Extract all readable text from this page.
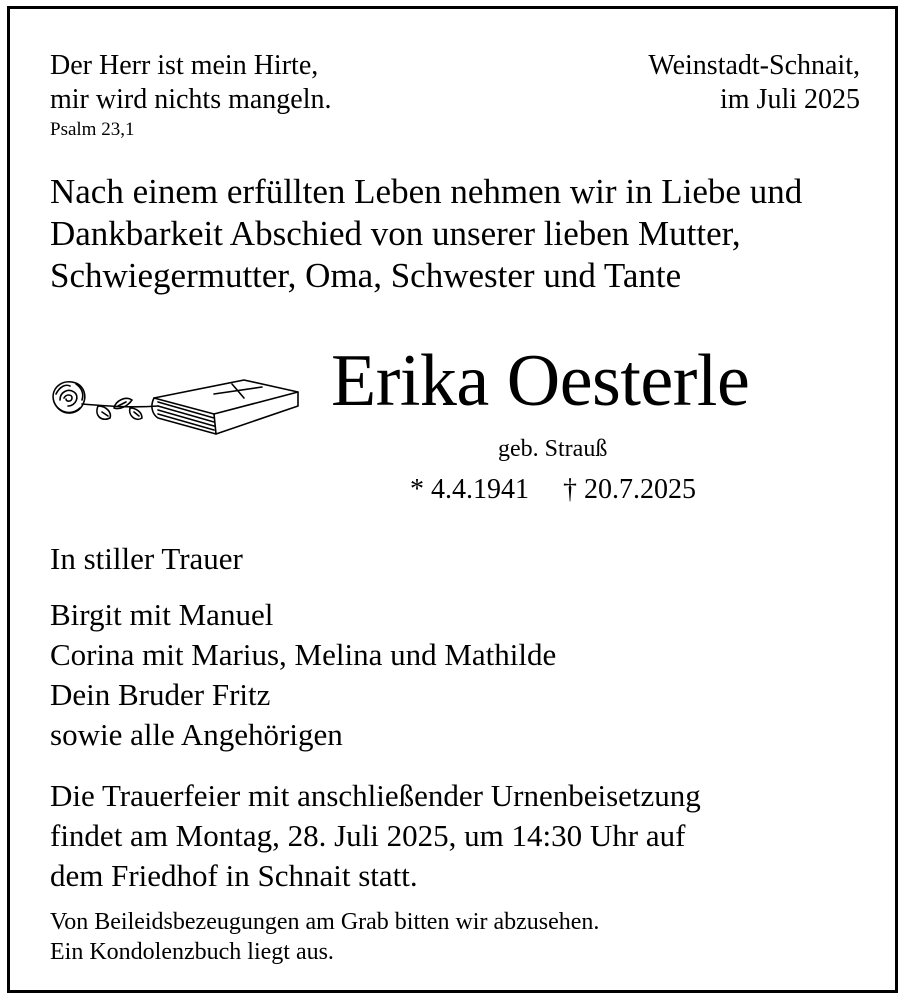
Der Herr ist mein Hirte,
mir wird nichts mangeln.
Psalm 23,1
Weinstadt-Schnait,
im Juli 2025
Nach einem erfüllten Leben nehmen wir in Liebe und
Dankbarkeit Abschied von unserer lieben Mutter,
Schwiegermutter, Oma, Schwester und Tante
Erika Oesterle
geb. Strauß
* 4.4.1941 † 20.7.2025
In stiller Trauer
Birgit mit Manuel
Corina mit Marius, Melina und Mathilde
Dein Bruder Fritz
sowie alle Angehörigen
Die Trauerfeier mit anschließender Urnenbeisetzung
findet am Montag, 28. Juli 2025, um 14:30 Uhr auf
dem Friedhof in Schnait statt.
Von Beileidsbezeugungen am Grab bitten wir abzusehen.
Ein Kondolenzbuch liegt aus.
